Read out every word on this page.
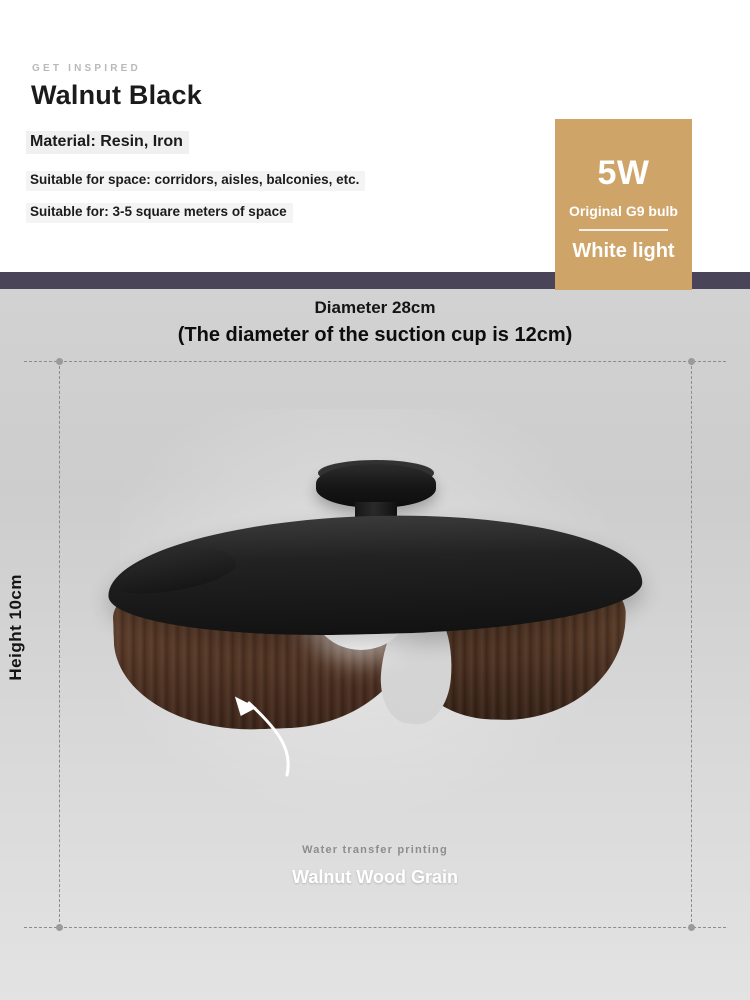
GET INSPIRED
Walnut Black
Material: Resin, Iron
Suitable for space: corridors, aisles, balconies, etc.
Suitable for: 3-5 square meters of space
5W
Original G9 bulb
White light
Diameter 28cm
(The diameter of the suction cup is 12cm)
Height 10cm
Water transfer printing
Walnut Wood Grain
